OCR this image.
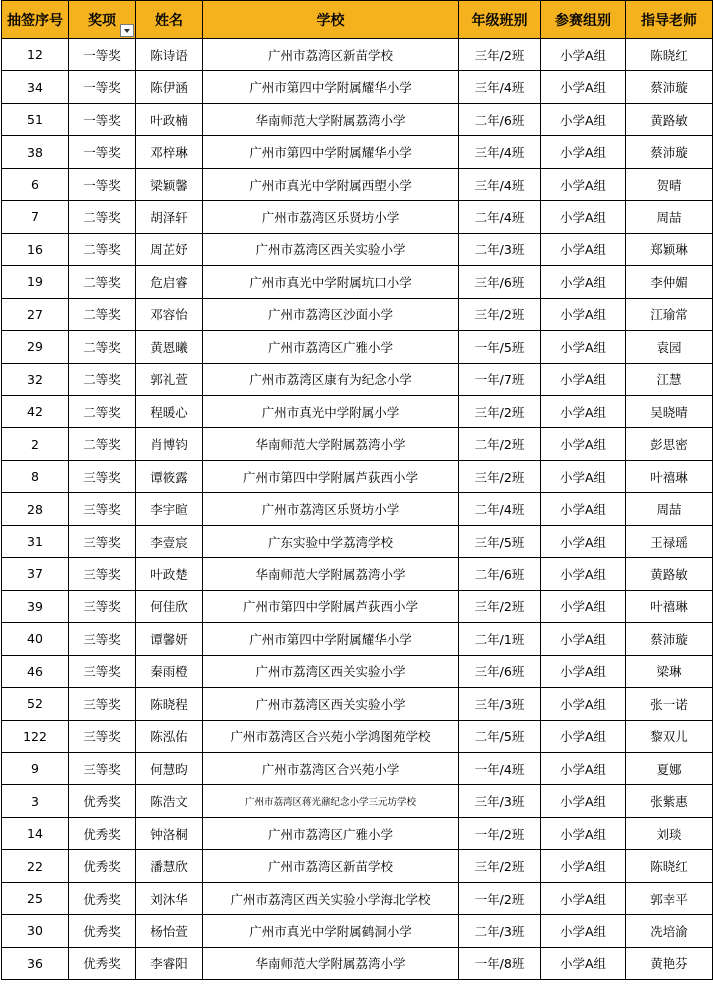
抽签序号	奖项	姓名	学校	年级班别	参赛组别	指导老师
12	一等奖	陈诗语	广州市荔湾区新苗学校	三年/2班	小学A组	陈晓红
34	一等奖	陈伊涵	广州市第四中学附属耀华小学	三年/4班	小学A组	蔡沛璇
51	一等奖	叶政楠	华南师范大学附属荔湾小学	二年/6班	小学A组	黄路敏
38	一等奖	邓梓琳	广州市第四中学附属耀华小学	三年/4班	小学A组	蔡沛璇
6	一等奖	梁颖馨	广州市真光中学附属西塱小学	三年/4班	小学A组	贺晴
7	二等奖	胡泽轩	广州市荔湾区乐贤坊小学	二年/4班	小学A组	周喆
16	二等奖	周芷妤	广州市荔湾区西关实验小学	二年/3班	小学A组	郑颖琳
19	二等奖	危启睿	广州市真光中学附属坑口小学	三年/6班	小学A组	李仲媚
27	二等奖	邓容怡	广州市荔湾区沙面小学	三年/2班	小学A组	江瑜常
29	二等奖	黄恩曦	广州市荔湾区广雅小学	一年/5班	小学A组	袁园
32	二等奖	郭礼萱	广州市荔湾区康有为纪念小学	一年/7班	小学A组	江慧
42	二等奖	程暖心	广州市真光中学附属小学	三年/2班	小学A组	吴晓晴
2	二等奖	肖博钧	华南师范大学附属荔湾小学	二年/2班	小学A组	彭思密
8	三等奖	谭筱露	广州市第四中学附属芦荻西小学	三年/2班	小学A组	叶禧琳
28	三等奖	李宇暄	广州市荔湾区乐贤坊小学	二年/4班	小学A组	周喆
31	三等奖	李壹宸	广东实验中学荔湾学校	三年/5班	小学A组	王禄瑶
37	三等奖	叶政楚	华南师范大学附属荔湾小学	二年/6班	小学A组	黄路敏
39	三等奖	何佳欣	广州市第四中学附属芦荻西小学	三年/2班	小学A组	叶禧琳
40	三等奖	谭馨妍	广州市第四中学附属耀华小学	二年/1班	小学A组	蔡沛璇
46	三等奖	秦雨橙	广州市荔湾区西关实验小学	三年/6班	小学A组	梁琳
52	三等奖	陈晓程	广州市荔湾区西关实验小学	三年/3班	小学A组	张一诺
122	三等奖	陈泓佑	广州市荔湾区合兴苑小学鸿图苑学校	二年/5班	小学A组	黎双儿
9	三等奖	何慧昀	广州市荔湾区合兴苑小学	一年/4班	小学A组	夏娜
3	优秀奖	陈浩文	广州市荔湾区蒋光鼐纪念小学三元坊学校	三年/3班	小学A组	张紫惠
14	优秀奖	钟洛桐	广州市荔湾区广雅小学	一年/2班	小学A组	刘琰
22	优秀奖	潘慧欣	广州市荔湾区新苗学校	三年/2班	小学A组	陈晓红
25	优秀奖	刘沐华	广州市荔湾区西关实验小学海北学校	一年/2班	小学A组	郭幸平
30	优秀奖	杨怡萱	广州市真光中学附属鹤洞小学	二年/3班	小学A组	冼培渝
36	优秀奖	李睿阳	华南师范大学附属荔湾小学	一年/8班	小学A组	黄艳芬
